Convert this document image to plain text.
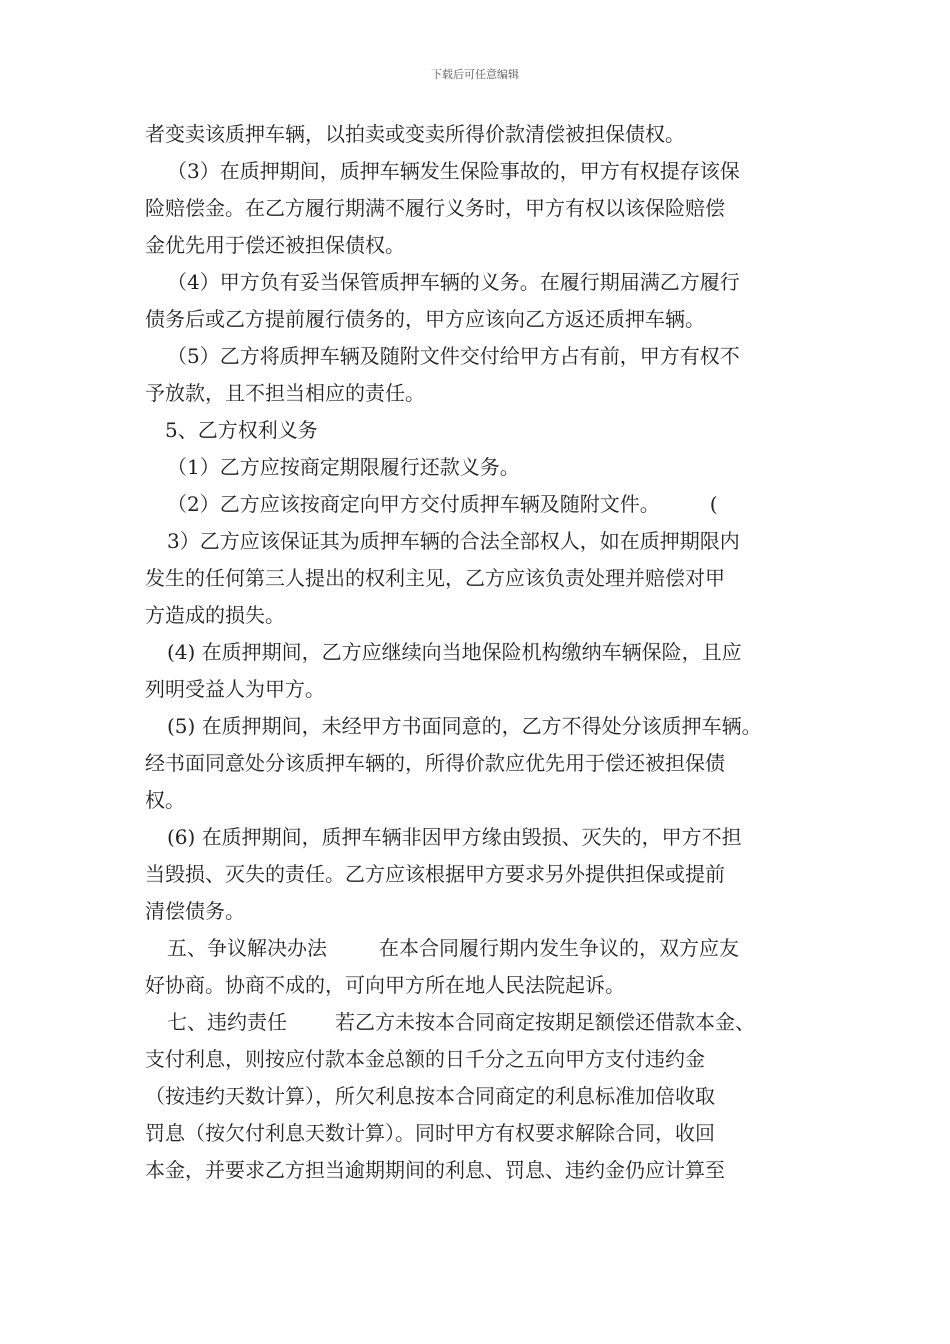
下载后可任意编辑
者变卖该质押车辆，以拍卖或变卖所得价款清偿被担保债权。
（3）在质押期间，质押车辆发生保险事故的，甲方有权提存该保
险赔偿金。在乙方履行期满不履行义务时，甲方有权以该保险赔偿
金优先用于偿还被担保债权。
（4）甲方负有妥当保管质押车辆的义务。在履行期届满乙方履行
债务后或乙方提前履行债务的，甲方应该向乙方返还质押车辆。
（5）乙方将质押车辆及随附文件交付给甲方占有前，甲方有权不
予放款，且不担当相应的责任。
5、乙方权利义务
（1）乙方应按商定期限履行还款义务。
（2）乙方应该按商定向甲方交付质押车辆及随附文件。	(
3）乙方应该保证其为质押车辆的合法全部权人，如在质押期限内
发生的任何第三人提出的权利主见，乙方应该负责处理并赔偿对甲
方造成的损失。
(4) 在质押期间，乙方应继续向当地保险机构缴纳车辆保险，且应
列明受益人为甲方。
(5) 在质押期间，未经甲方书面同意的，乙方不得处分该质押车辆。
经书面同意处分该质押车辆的，所得价款应优先用于偿还被担保债
权。
(6) 在质押期间，质押车辆非因甲方缘由毁损、灭失的，甲方不担
当毁损、灭失的责任。乙方应该根据甲方要求另外提供担保或提前
清偿债务。
五、争议解决办法	在本合同履行期内发生争议的，双方应友
好协商。协商不成的，可向甲方所在地人民法院起诉。
七、违约责任 若乙方未按本合同商定按期足额偿还借款本金、
支付利息，则按应付款本金总额的日千分之五向甲方支付违约金
（按违约天数计算），所欠利息按本合同商定的利息标准加倍收取
罚息（按欠付利息天数计算）。同时甲方有权要求解除合同，收回
本金，并要求乙方担当逾期期间的利息、罚息、违约金仍应计算至
